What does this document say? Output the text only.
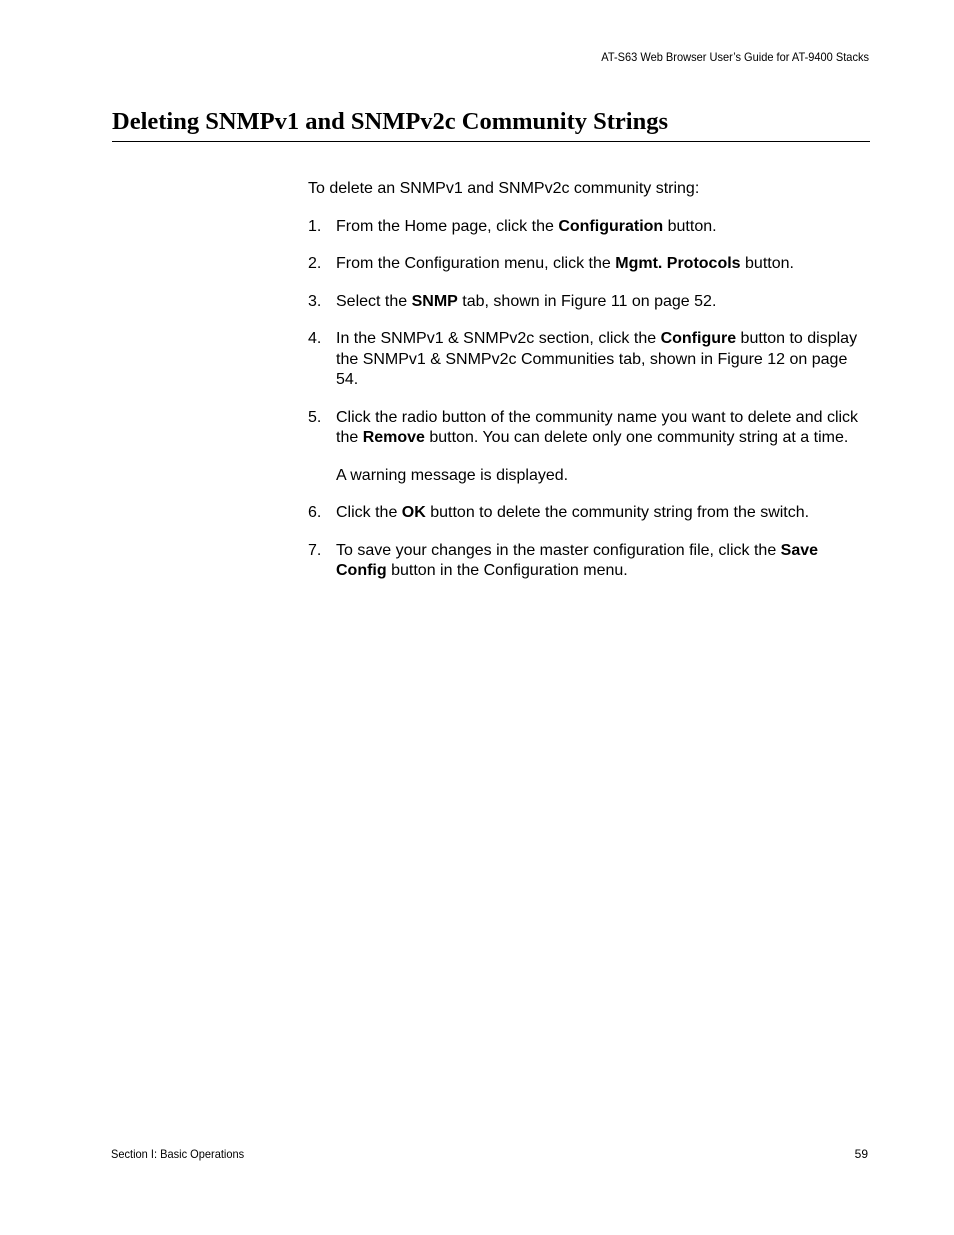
AT-S63 Web Browser User’s Guide for AT-9400 Stacks
Deleting SNMPv1 and SNMPv2c Community Strings

To delete an SNMPv1 and SNMPv2c community string:

1. From the Home page, click the Configuration button.
2. From the Configuration menu, click the Mgmt. Protocols button.
3. Select the SNMP tab, shown in Figure 11 on page 52.
4. In the SNMPv1 & SNMPv2c section, click the Configure button to display the SNMPv1 & SNMPv2c Communities tab, shown in Figure 12 on page 54.
5. Click the radio button of the community name you want to delete and click the Remove button. You can delete only one community string at a time.

A warning message is displayed.

6. Click the OK button to delete the community string from the switch.
7. To save your changes in the master configuration file, click the Save Config button in the Configuration menu.
Section I: Basic Operations	59
